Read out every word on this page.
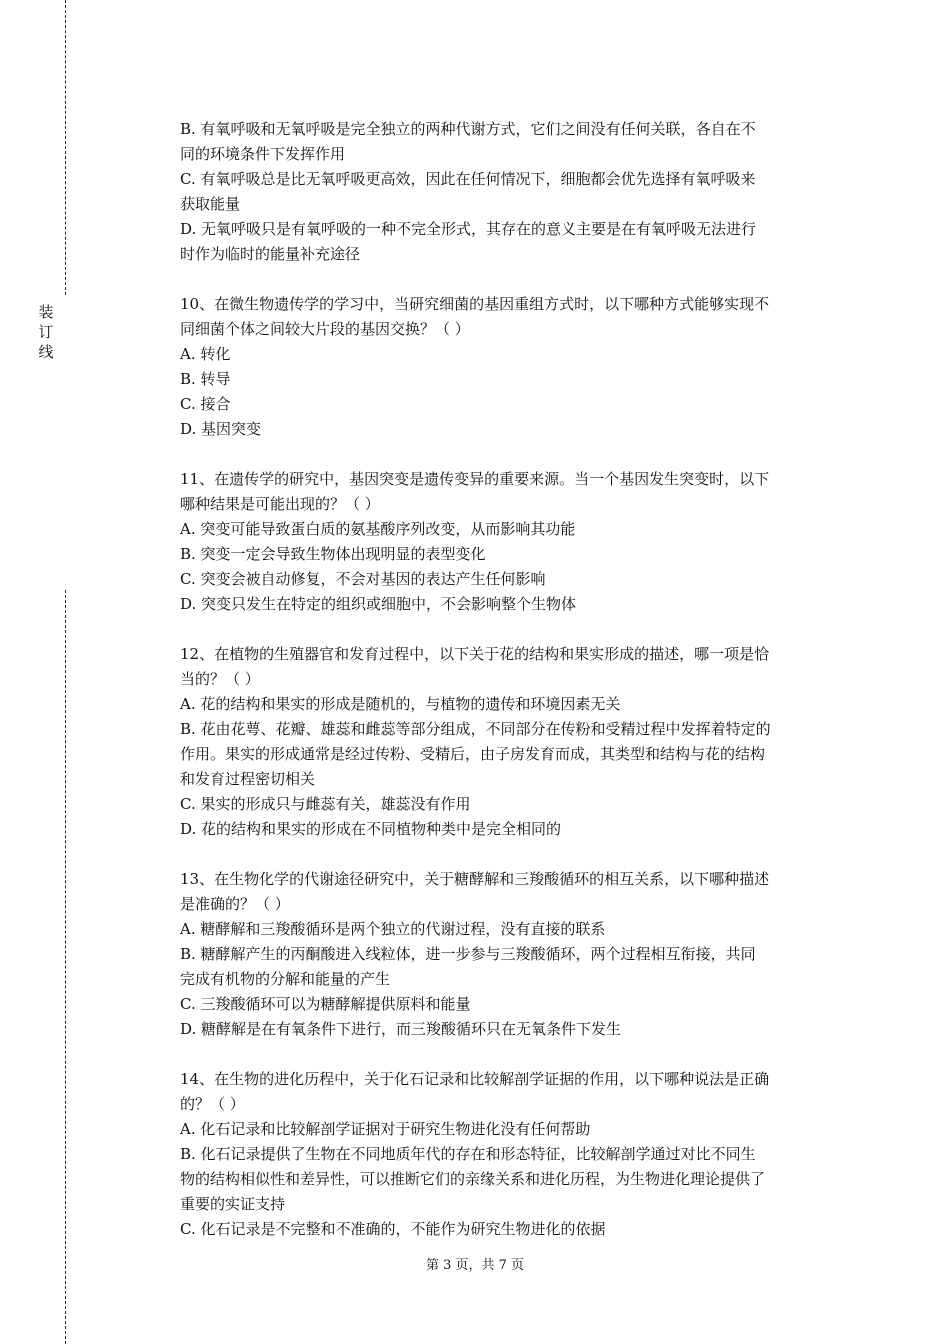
装
订
线
B. 有氧呼吸和无氧呼吸是完全独立的两种代谢方式，它们之间没有任何关联，各自在不
同的环境条件下发挥作用
C. 有氧呼吸总是比无氧呼吸更高效，因此在任何情况下，细胞都会优先选择有氧呼吸来
获取能量
D. 无氧呼吸只是有氧呼吸的一种不完全形式，其存在的意义主要是在有氧呼吸无法进行
时作为临时的能量补充途径
10、在微生物遗传学的学习中，当研究细菌的基因重组方式时，以下哪种方式能够实现不
同细菌个体之间较大片段的基因交换？（ ）
A. 转化
B. 转导
C. 接合
D. 基因突变
11、在遗传学的研究中，基因突变是遗传变异的重要来源。当一个基因发生突变时，以下
哪种结果是可能出现的？（ ）
A. 突变可能导致蛋白质的氨基酸序列改变，从而影响其功能
B. 突变一定会导致生物体出现明显的表型变化
C. 突变会被自动修复，不会对基因的表达产生任何影响
D. 突变只发生在特定的组织或细胞中，不会影响整个生物体
12、在植物的生殖器官和发育过程中，以下关于花的结构和果实形成的描述，哪一项是恰
当的？（ ）
A. 花的结构和果实的形成是随机的，与植物的遗传和环境因素无关
B. 花由花萼、花瓣、雄蕊和雌蕊等部分组成，不同部分在传粉和受精过程中发挥着特定的
作用。果实的形成通常是经过传粉、受精后，由子房发育而成，其类型和结构与花的结构
和发育过程密切相关
C. 果实的形成只与雌蕊有关，雄蕊没有作用
D. 花的结构和果实的形成在不同植物种类中是完全相同的
13、在生物化学的代谢途径研究中，关于糖酵解和三羧酸循环的相互关系，以下哪种描述
是准确的？（ ）
A. 糖酵解和三羧酸循环是两个独立的代谢过程，没有直接的联系
B. 糖酵解产生的丙酮酸进入线粒体，进一步参与三羧酸循环，两个过程相互衔接，共同
完成有机物的分解和能量的产生
C. 三羧酸循环可以为糖酵解提供原料和能量
D. 糖酵解是在有氧条件下进行，而三羧酸循环只在无氧条件下发生
14、在生物的进化历程中，关于化石记录和比较解剖学证据的作用，以下哪种说法是正确
的？（ ）
A. 化石记录和比较解剖学证据对于研究生物进化没有任何帮助
B. 化石记录提供了生物在不同地质年代的存在和形态特征，比较解剖学通过对比不同生
物的结构相似性和差异性，可以推断它们的亲缘关系和进化历程，为生物进化理论提供了
重要的实证支持
C. 化石记录是不完整和不准确的，不能作为研究生物进化的依据
第 3 页，共 7 页
